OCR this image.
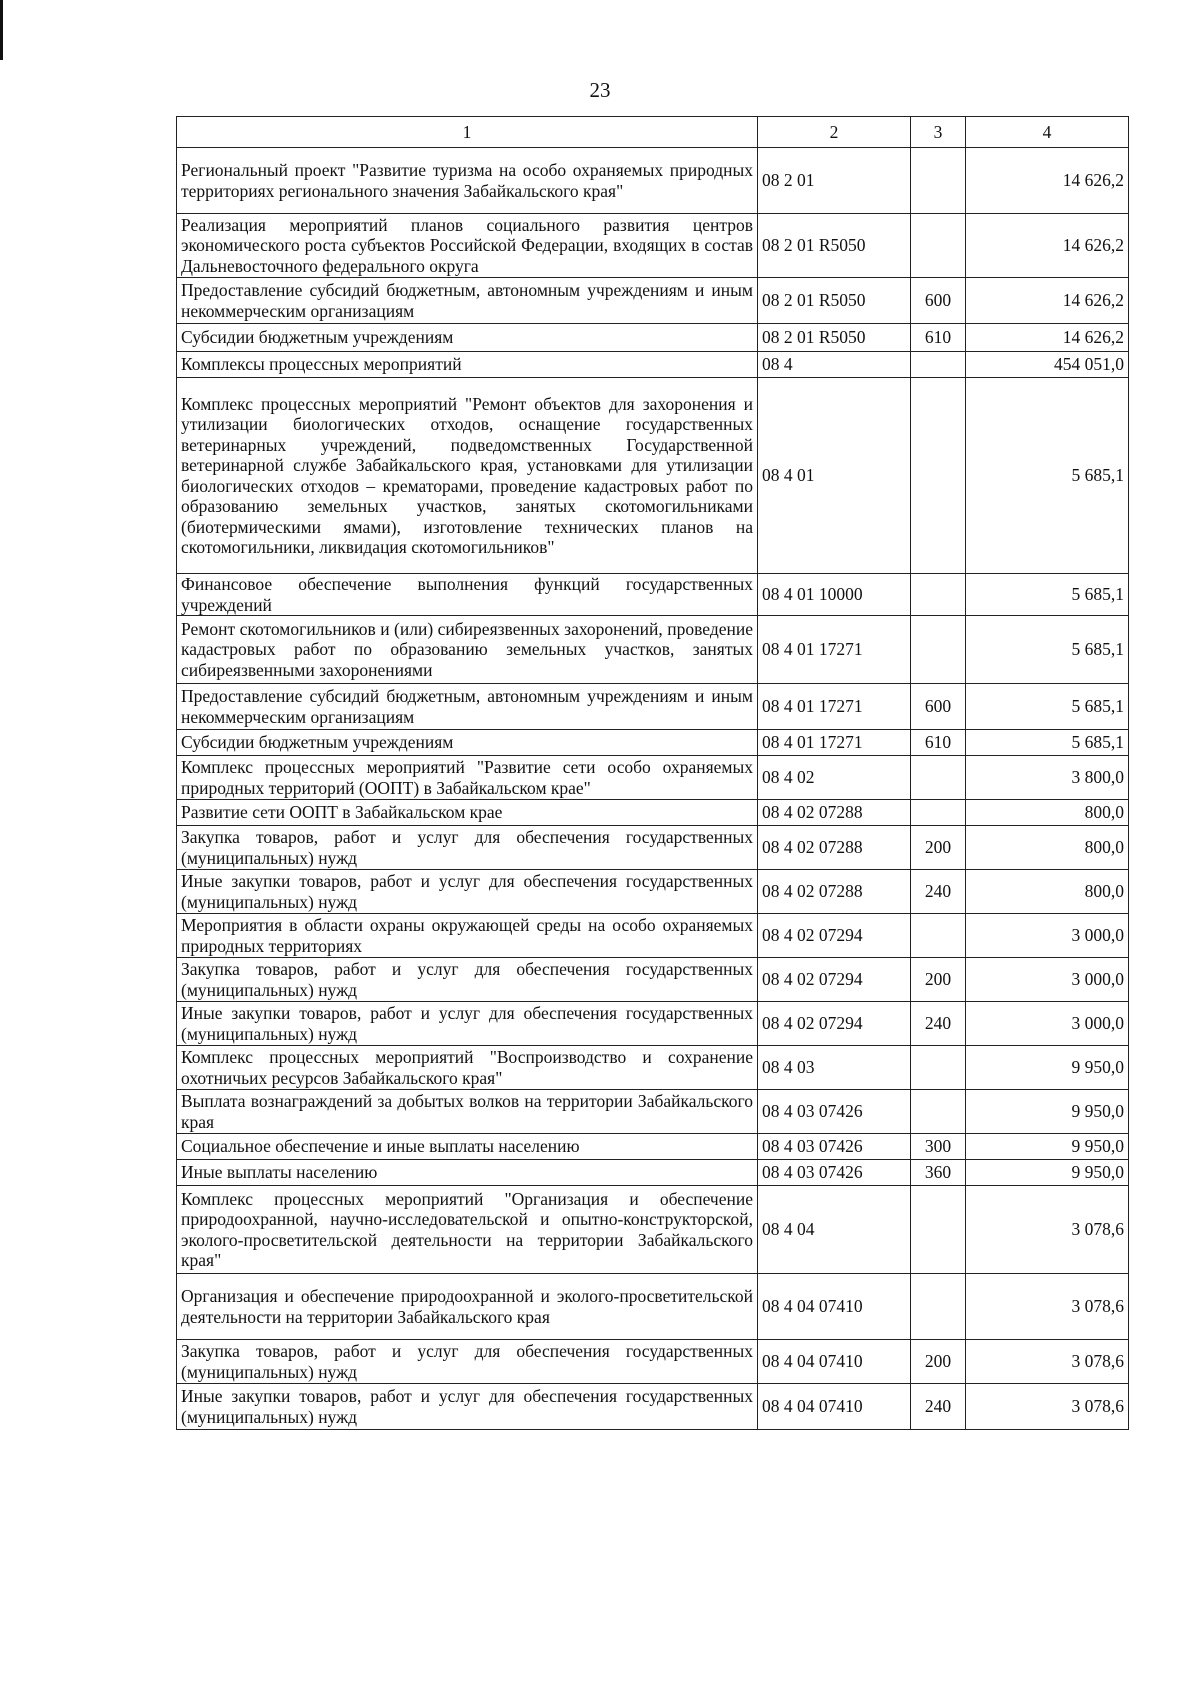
23
1	2	3	4
Региональный проект "Развитие туризма на особо охраняемых природных территориях регионального значения Забайкальского края"	08 2 01		14 626,2
Реализация мероприятий планов социального развития центров экономического роста субъектов Российской Федерации, входящих в состав Дальневосточного федерального округа	08 2 01 R5050		14 626,2
Предоставление субсидий бюджетным, автономным учреждениям и иным некоммерческим организациям	08 2 01 R5050	600	14 626,2
Субсидии бюджетным учреждениям	08 2 01 R5050	610	14 626,2
Комплексы процессных мероприятий	08 4		454 051,0
Комплекс процессных мероприятий "Ремонт объектов для захоронения и утилизации биологических отходов, оснащение государственных ветеринарных учреждений, подведомственных Государственной ветеринарной службе Забайкальского края, установками для утилизации биологических отходов – крематорами, проведение кадастровых работ по образованию земельных участков, занятых скотомогильниками (биотермическими ямами), изготовление технических планов на скотомогильники, ликвидация скотомогильников"	08 4 01		5 685,1
Финансовое обеспечение выполнения функций государственных учреждений	08 4 01 10000		5 685,1
Ремонт скотомогильников и (или) сибиреязвенных захоронений, проведение кадастровых работ по образованию земельных участков, занятых сибиреязвенными захоронениями	08 4 01 17271		5 685,1
Предоставление субсидий бюджетным, автономным учреждениям и иным некоммерческим организациям	08 4 01 17271	600	5 685,1
Субсидии бюджетным учреждениям	08 4 01 17271	610	5 685,1
Комплекс процессных мероприятий "Развитие сети особо охраняемых природных территорий (ООПТ) в Забайкальском крае"	08 4 02		3 800,0
Развитие сети ООПТ в Забайкальском крае	08 4 02 07288		800,0
Закупка товаров, работ и услуг для обеспечения государственных (муниципальных) нужд	08 4 02 07288	200	800,0
Иные закупки товаров, работ и услуг для обеспечения государственных (муниципальных) нужд	08 4 02 07288	240	800,0
Мероприятия в области охраны окружающей среды на особо охраняемых природных территориях	08 4 02 07294		3 000,0
Закупка товаров, работ и услуг для обеспечения государственных (муниципальных) нужд	08 4 02 07294	200	3 000,0
Иные закупки товаров, работ и услуг для обеспечения государственных (муниципальных) нужд	08 4 02 07294	240	3 000,0
Комплекс процессных мероприятий "Воспроизводство и сохранение охотничьих ресурсов Забайкальского края"	08 4 03		9 950,0
Выплата вознаграждений за добытых волков на территории Забайкальского края	08 4 03 07426		9 950,0
Социальное обеспечение и иные выплаты населению	08 4 03 07426	300	9 950,0
Иные выплаты населению	08 4 03 07426	360	9 950,0
Комплекс процессных мероприятий "Организация и обеспечение природоохранной, научно-исследовательской и опытно-конструкторской, эколого-просветительской деятельности на территории Забайкальского края"	08 4 04		3 078,6
Организация и обеспечение природоохранной и эколого-просветительской деятельности на территории Забайкальского края	08 4 04 07410		3 078,6
Закупка товаров, работ и услуг для обеспечения государственных (муниципальных) нужд	08 4 04 07410	200	3 078,6
Иные закупки товаров, работ и услуг для обеспечения государственных (муниципальных) нужд	08 4 04 07410	240	3 078,6
